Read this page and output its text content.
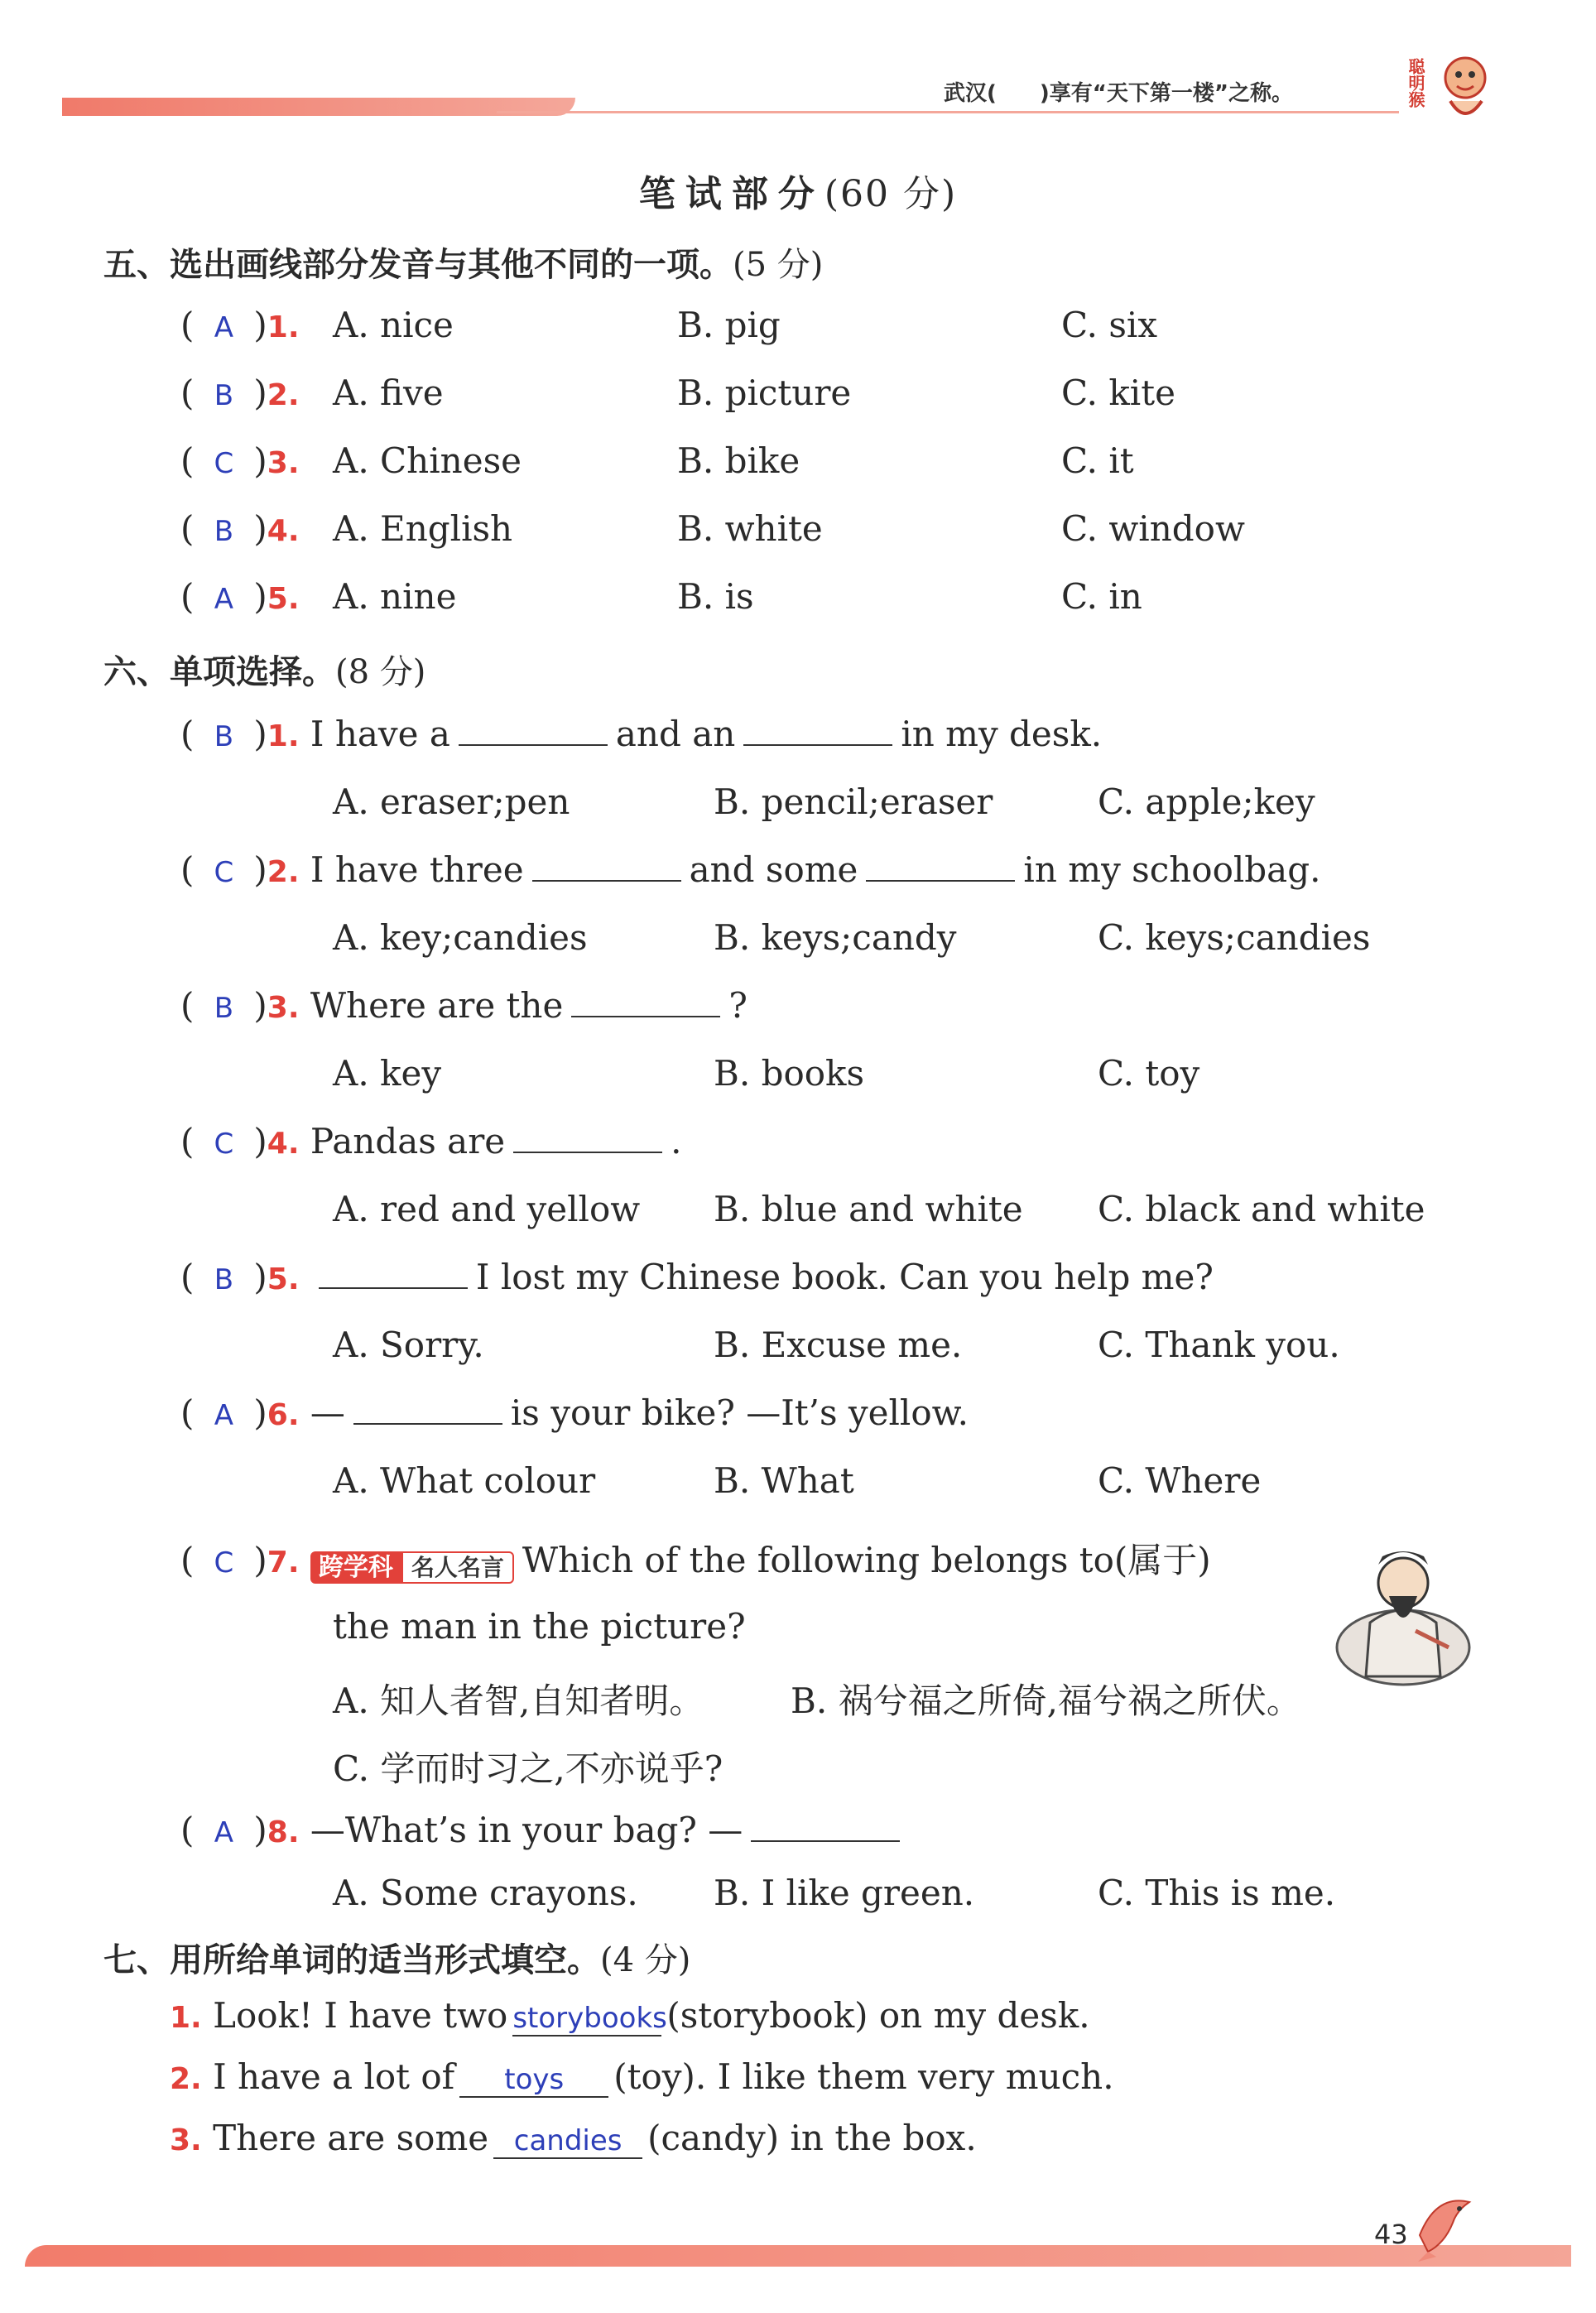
武汉(　　)享有“天下第一楼”之称。	聪明猴
笔试部分(60 分)
五、选出画线部分发音与其他不同的一项。(5 分)
( A )1. A. nice	B. pig	C. six
( B )2. A. five	B. picture	C. kite
( C )3. A. Chinese	B. bike	C. it
( B )4. A. English	B. white	C. window
( A )5. A. nine	B. is	C. in
六、单项选择。(8 分)
( B )1. I have a	and an	in my desk.
A. eraser;pen	B. pencil;eraser	C. apple;key
( C )2. I have three	and some	in my schoolbag.
A. key;candies	B. keys;candy	C. keys;candies
( B )3. Where are the	?
A. key	B. books	C. toy
( C )4. Pandas are	.
A. red and yellow B. blue and white C. black and white
( B )5.	I lost my Chinese book. Can you help me?
A. Sorry.	B. Excuse me.	C. Thank you.
( A )6. —	is your bike? —It’s yellow.
A. What colour	B. What	C. Where
( C )7. 跨学科 名人名言 Which of the following belongs to(属于)
the man in the picture?
A. 知人者智,自知者明。 B. 祸兮福之所倚,福兮祸之所伏。
C. 学而时习之,不亦说乎?
( A )8. —What’s in your bag? —
A. Some crayons. B. I like green.	C. This is me.
七、用所给单词的适当形式填空。(4 分)
1. Look! I have two storybooks(storybook) on my desk.
2. I have a lot of toys (toy). I like them very much.
3. There are some candies (candy) in the box.
43
